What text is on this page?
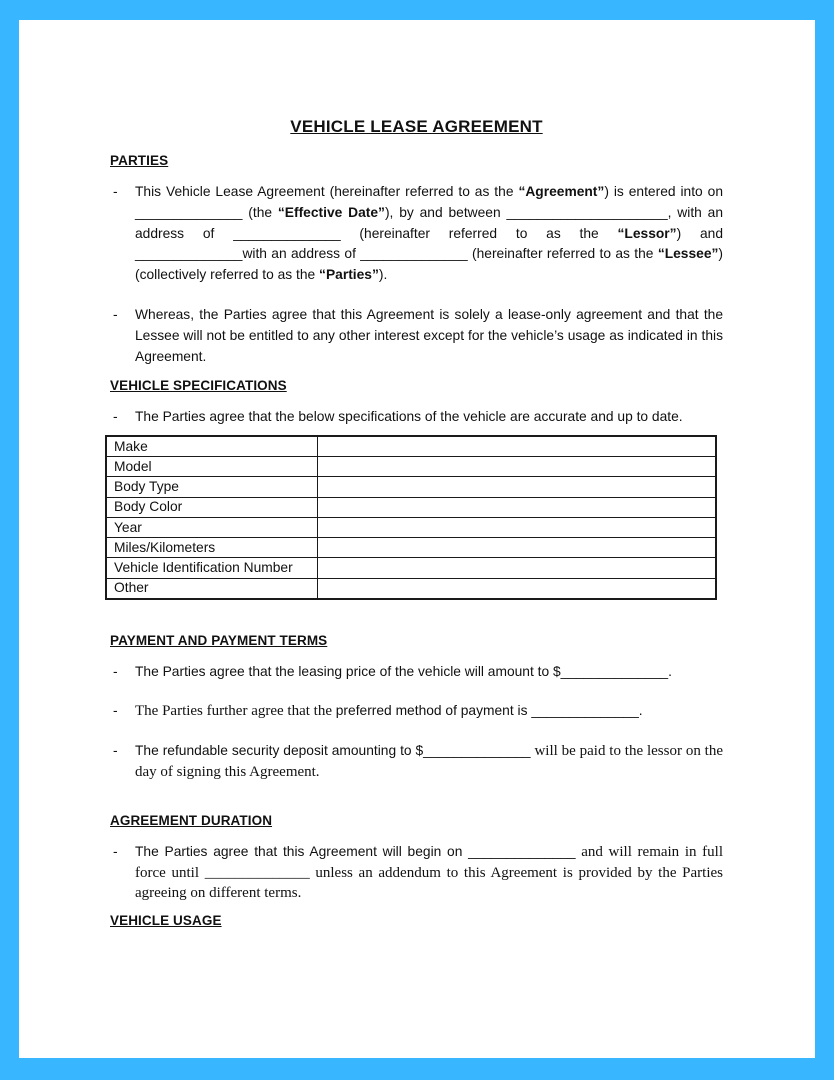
VEHICLE LEASE AGREEMENT
PARTIES
-	This Vehicle Lease Agreement (hereinafter referred to as the “Agreement”) is entered into on ______________ (the “Effective Date”), by and between _____________________, with an address of ______________ (hereinafter referred to as the “Lessor”) and ______________with an address of ______________ (hereinafter referred to as the “Lessee”) (collectively referred to as the “Parties”).
-	Whereas, the Parties agree that this Agreement is solely a lease-only agreement and that the Lessee will not be entitled to any other interest except for the vehicle’s usage as indicated in this Agreement.
VEHICLE SPECIFICATIONS
-	The Parties agree that the below specifications of the vehicle are accurate and up to date.
Make	
Model	
Body Type	
Body Color	
Year	
Miles/Kilometers	
Vehicle Identification Number	
Other	
PAYMENT AND PAYMENT TERMS
-	The Parties agree that the leasing price of the vehicle will amount to $______________.
-	The Parties further agree that the preferred method of payment is ______________.
-	The refundable security deposit amounting to $______________ will be paid to the lessor on the day of signing this Agreement.
AGREEMENT DURATION
-	The Parties agree that this Agreement will begin on ______________ and will remain in full force until ______________ unless an addendum to this Agreement is provided by the Parties agreeing on different terms.
VEHICLE USAGE
